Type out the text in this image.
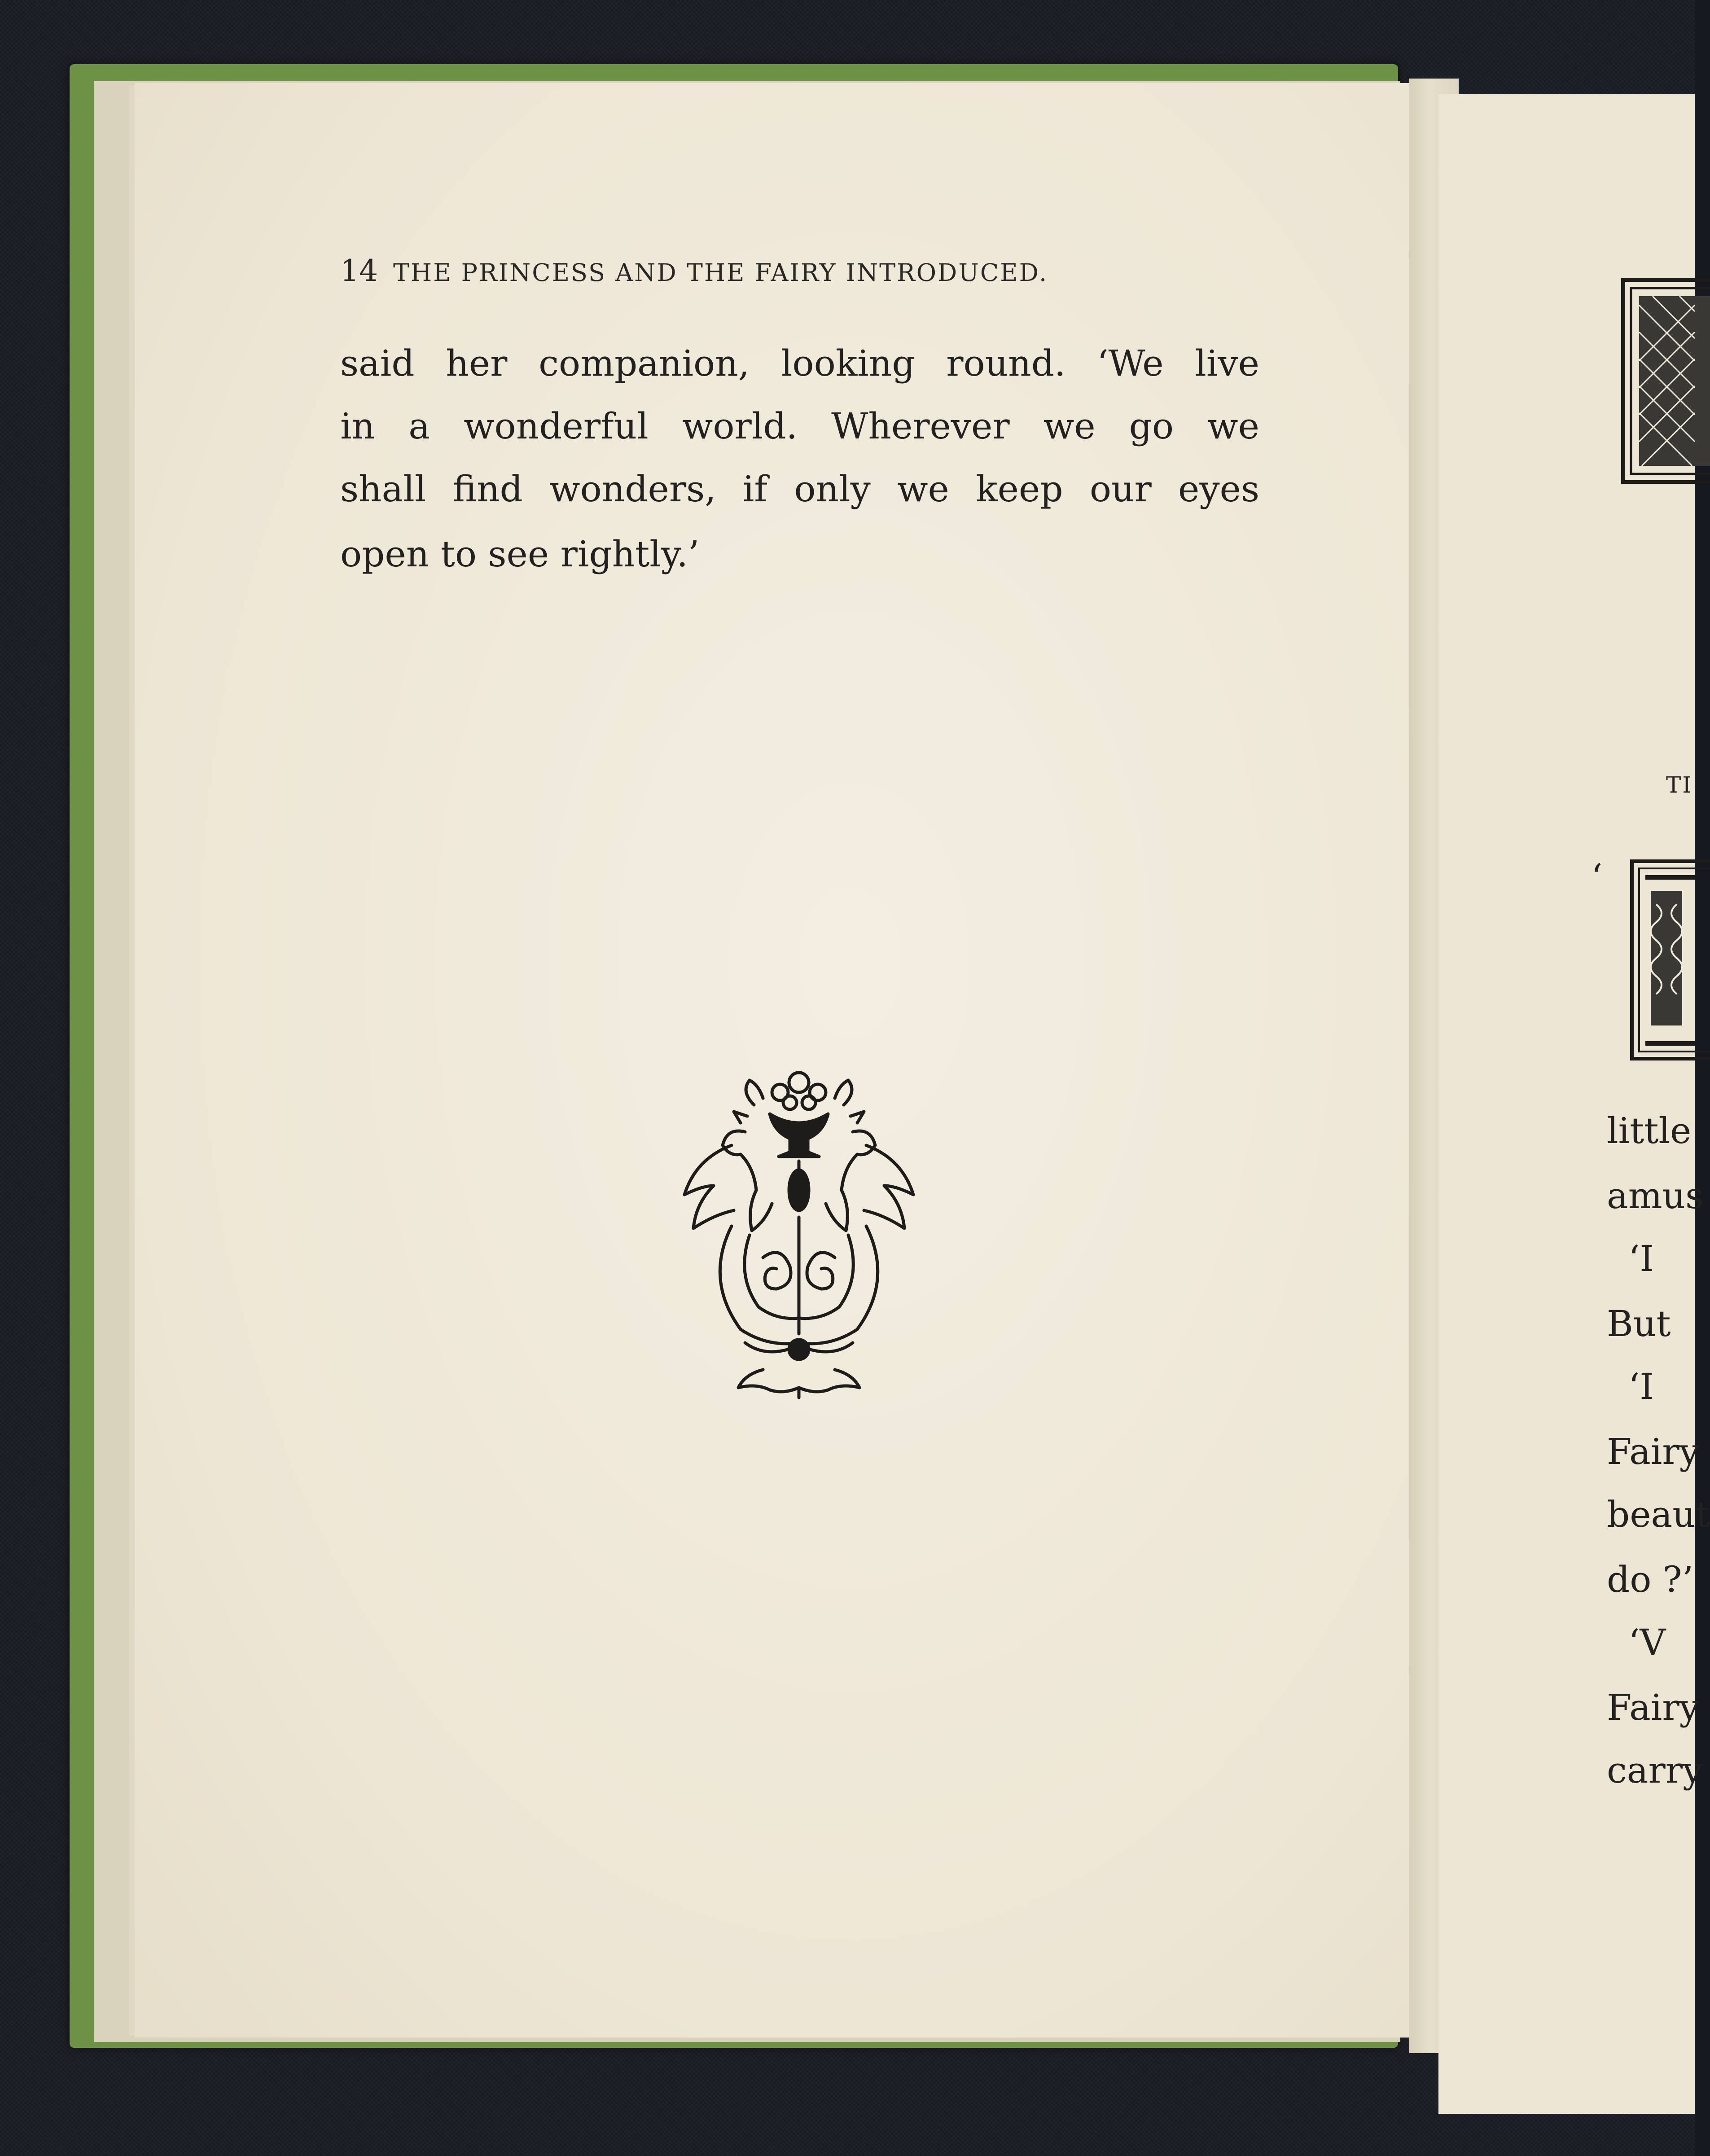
14 THE PRINCESS AND THE FAIRY INTRODUCED.
said her companion, looking round. ‘We live
in a wonderful world. Wherever we go we
shall find wonders, if only we keep our eyes
open to see rightly.’
TI
‘
little
amus
‘I
But
‘I
Fairy
beaut
do ?’
‘V
Fairy
carry
